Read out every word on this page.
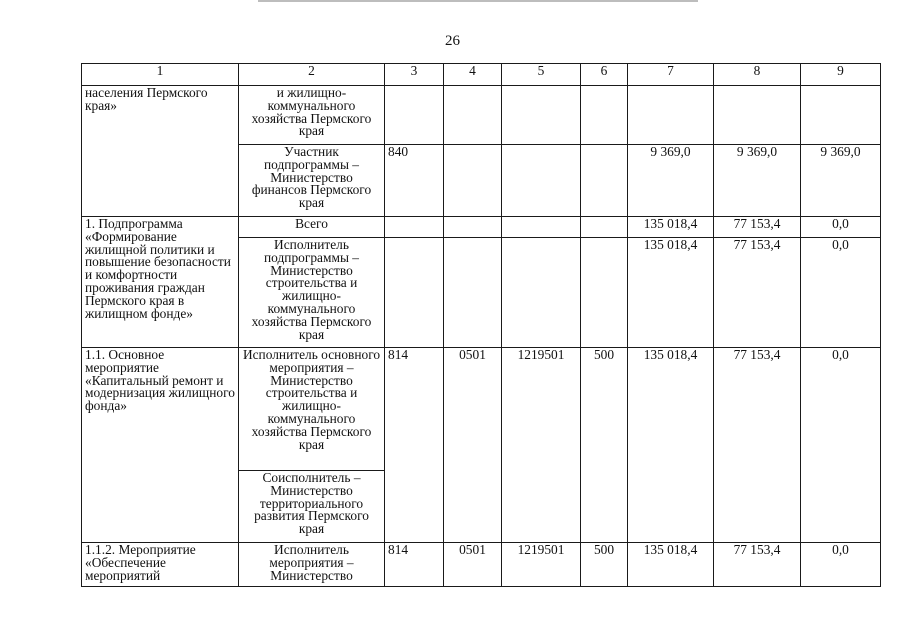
26
1	2	3	4	5	6	7	8	9
населения Пермского края»	и жилищно-коммунального хозяйства Пермского края							
	Участник подпрограммы – Министерство финансов Пермского края	840				9 369,0	9 369,0	9 369,0
1. Подпрограмма «Формирование жилищной политики и повышение безопасности и комфортности проживания граждан Пермского края в жилищном фонде»	Всего					135 018,4	77 153,4	0,0
	Исполнитель подпрограммы – Министерство строительства и жилищно-коммунального хозяйства Пермского края					135 018,4	77 153,4	0,0
1.1. Основное мероприятие «Капитальный ремонт и модернизация жилищного фонда»	Исполнитель основного мероприятия – Министерство строительства и жилищно-коммунального хозяйства Пермского края	814	0501	1219501	500	135 018,4	77 153,4	0,0
	Соисполнитель – Министерство территориального развития Пермского края							
1.1.2. Мероприятие «Обеспечение мероприятий	Исполнитель мероприятия – Министерство	814	0501	1219501	500	135 018,4	77 153,4	0,0
